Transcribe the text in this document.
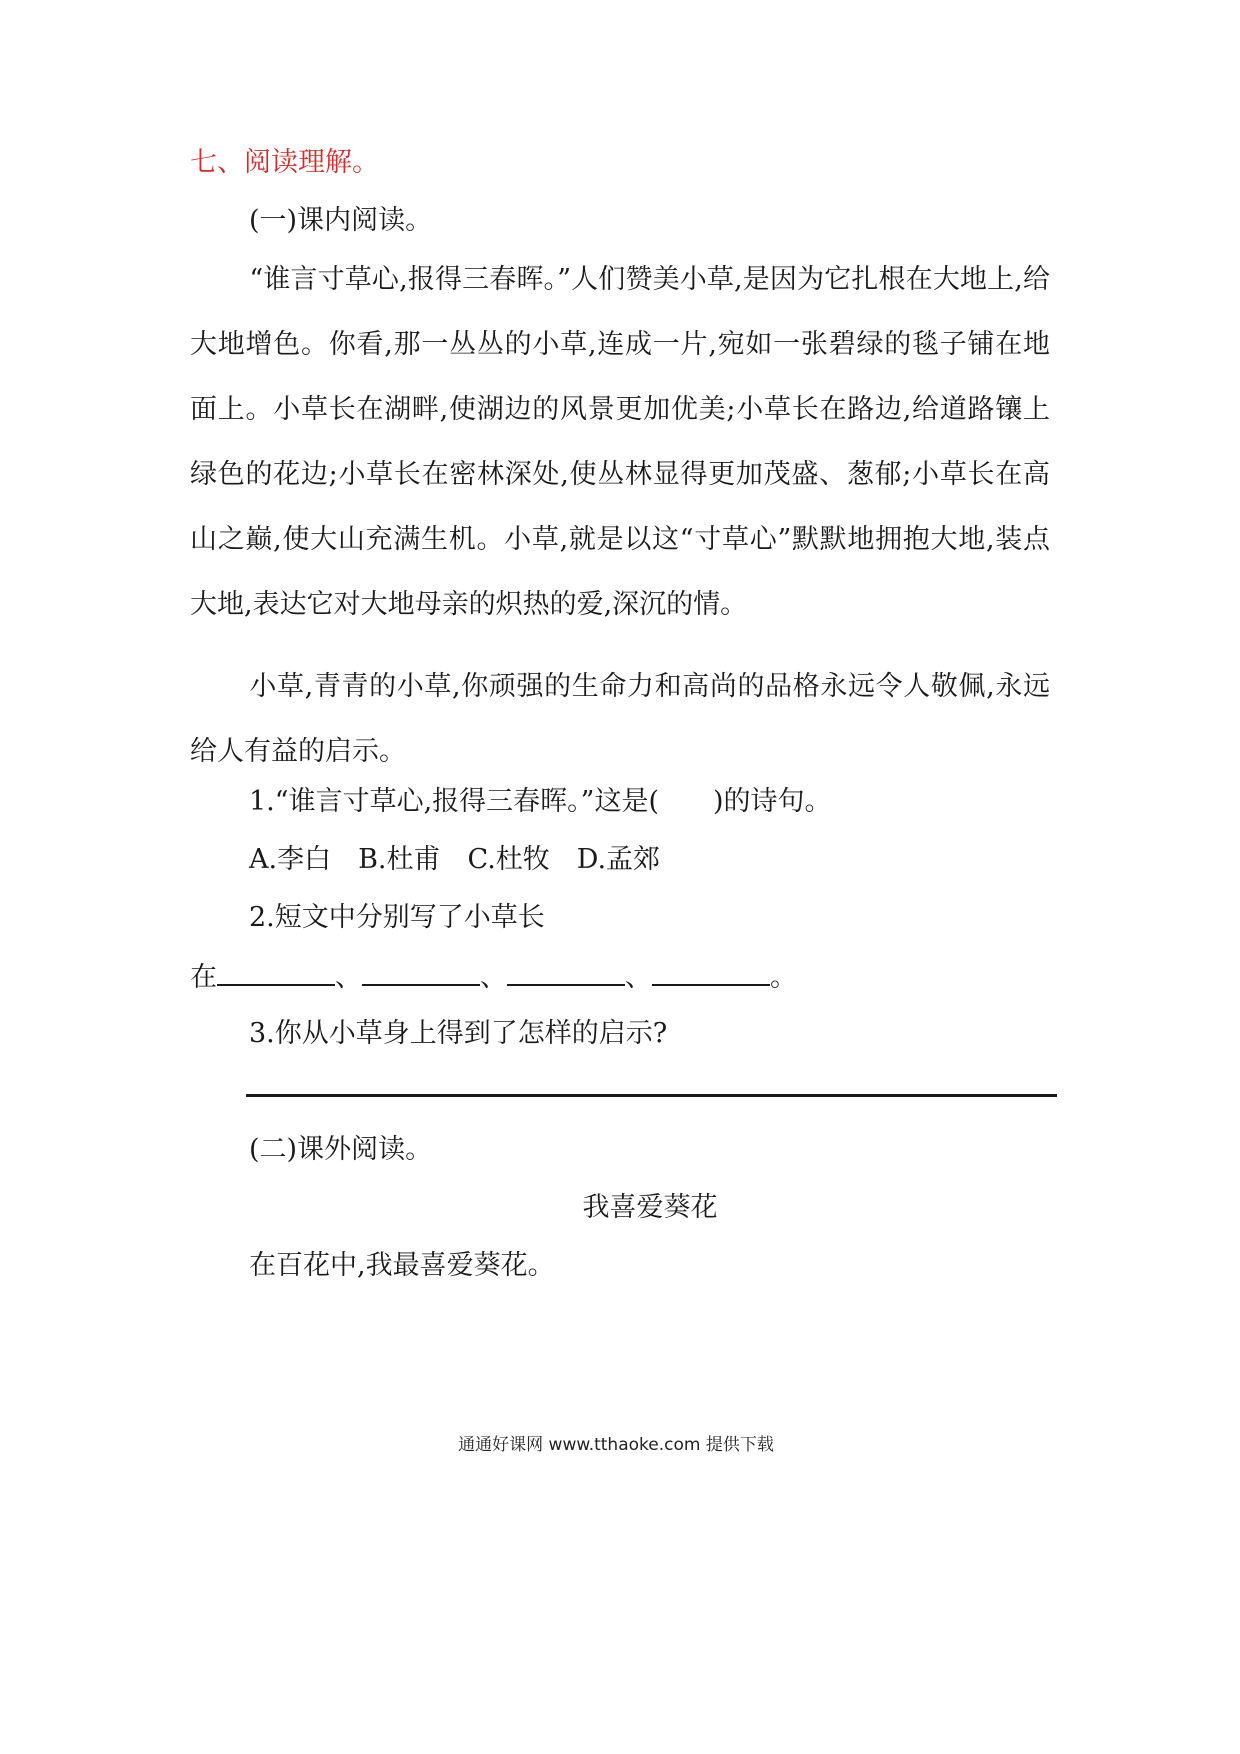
七、阅读理解。
(一)课内阅读。
“谁言寸草心,报得三春晖。”人们赞美小草,是因为它扎根在大地上,给大地增色。你看,那一丛丛的小草,连成一片,宛如一张碧绿的毯子铺在地面上。小草长在湖畔,使湖边的风景更加优美;小草长在路边,给道路镶上绿色的花边;小草长在密林深处,使丛林显得更加茂盛、葱郁;小草长在高山之巅,使大山充满生机。小草,就是以这“寸草心”默默地拥抱大地,装点大地,表达它对大地母亲的炽热的爱,深沉的情。
小草,青青的小草,你顽强的生命力和高尚的品格永远令人敬佩,永远给人有益的启示。
1.“谁言寸草心,报得三春晖。”这是(　　)的诗句。
A.李白　B.杜甫　C.杜牧　D.孟郊
2.短文中分别写了小草长
在	、	、	、	。
3.你从小草身上得到了怎样的启示?
(二)课外阅读。
我喜爱葵花
在百花中,我最喜爱葵花。
通通好课网 www.tthaoke.com 提供下载
